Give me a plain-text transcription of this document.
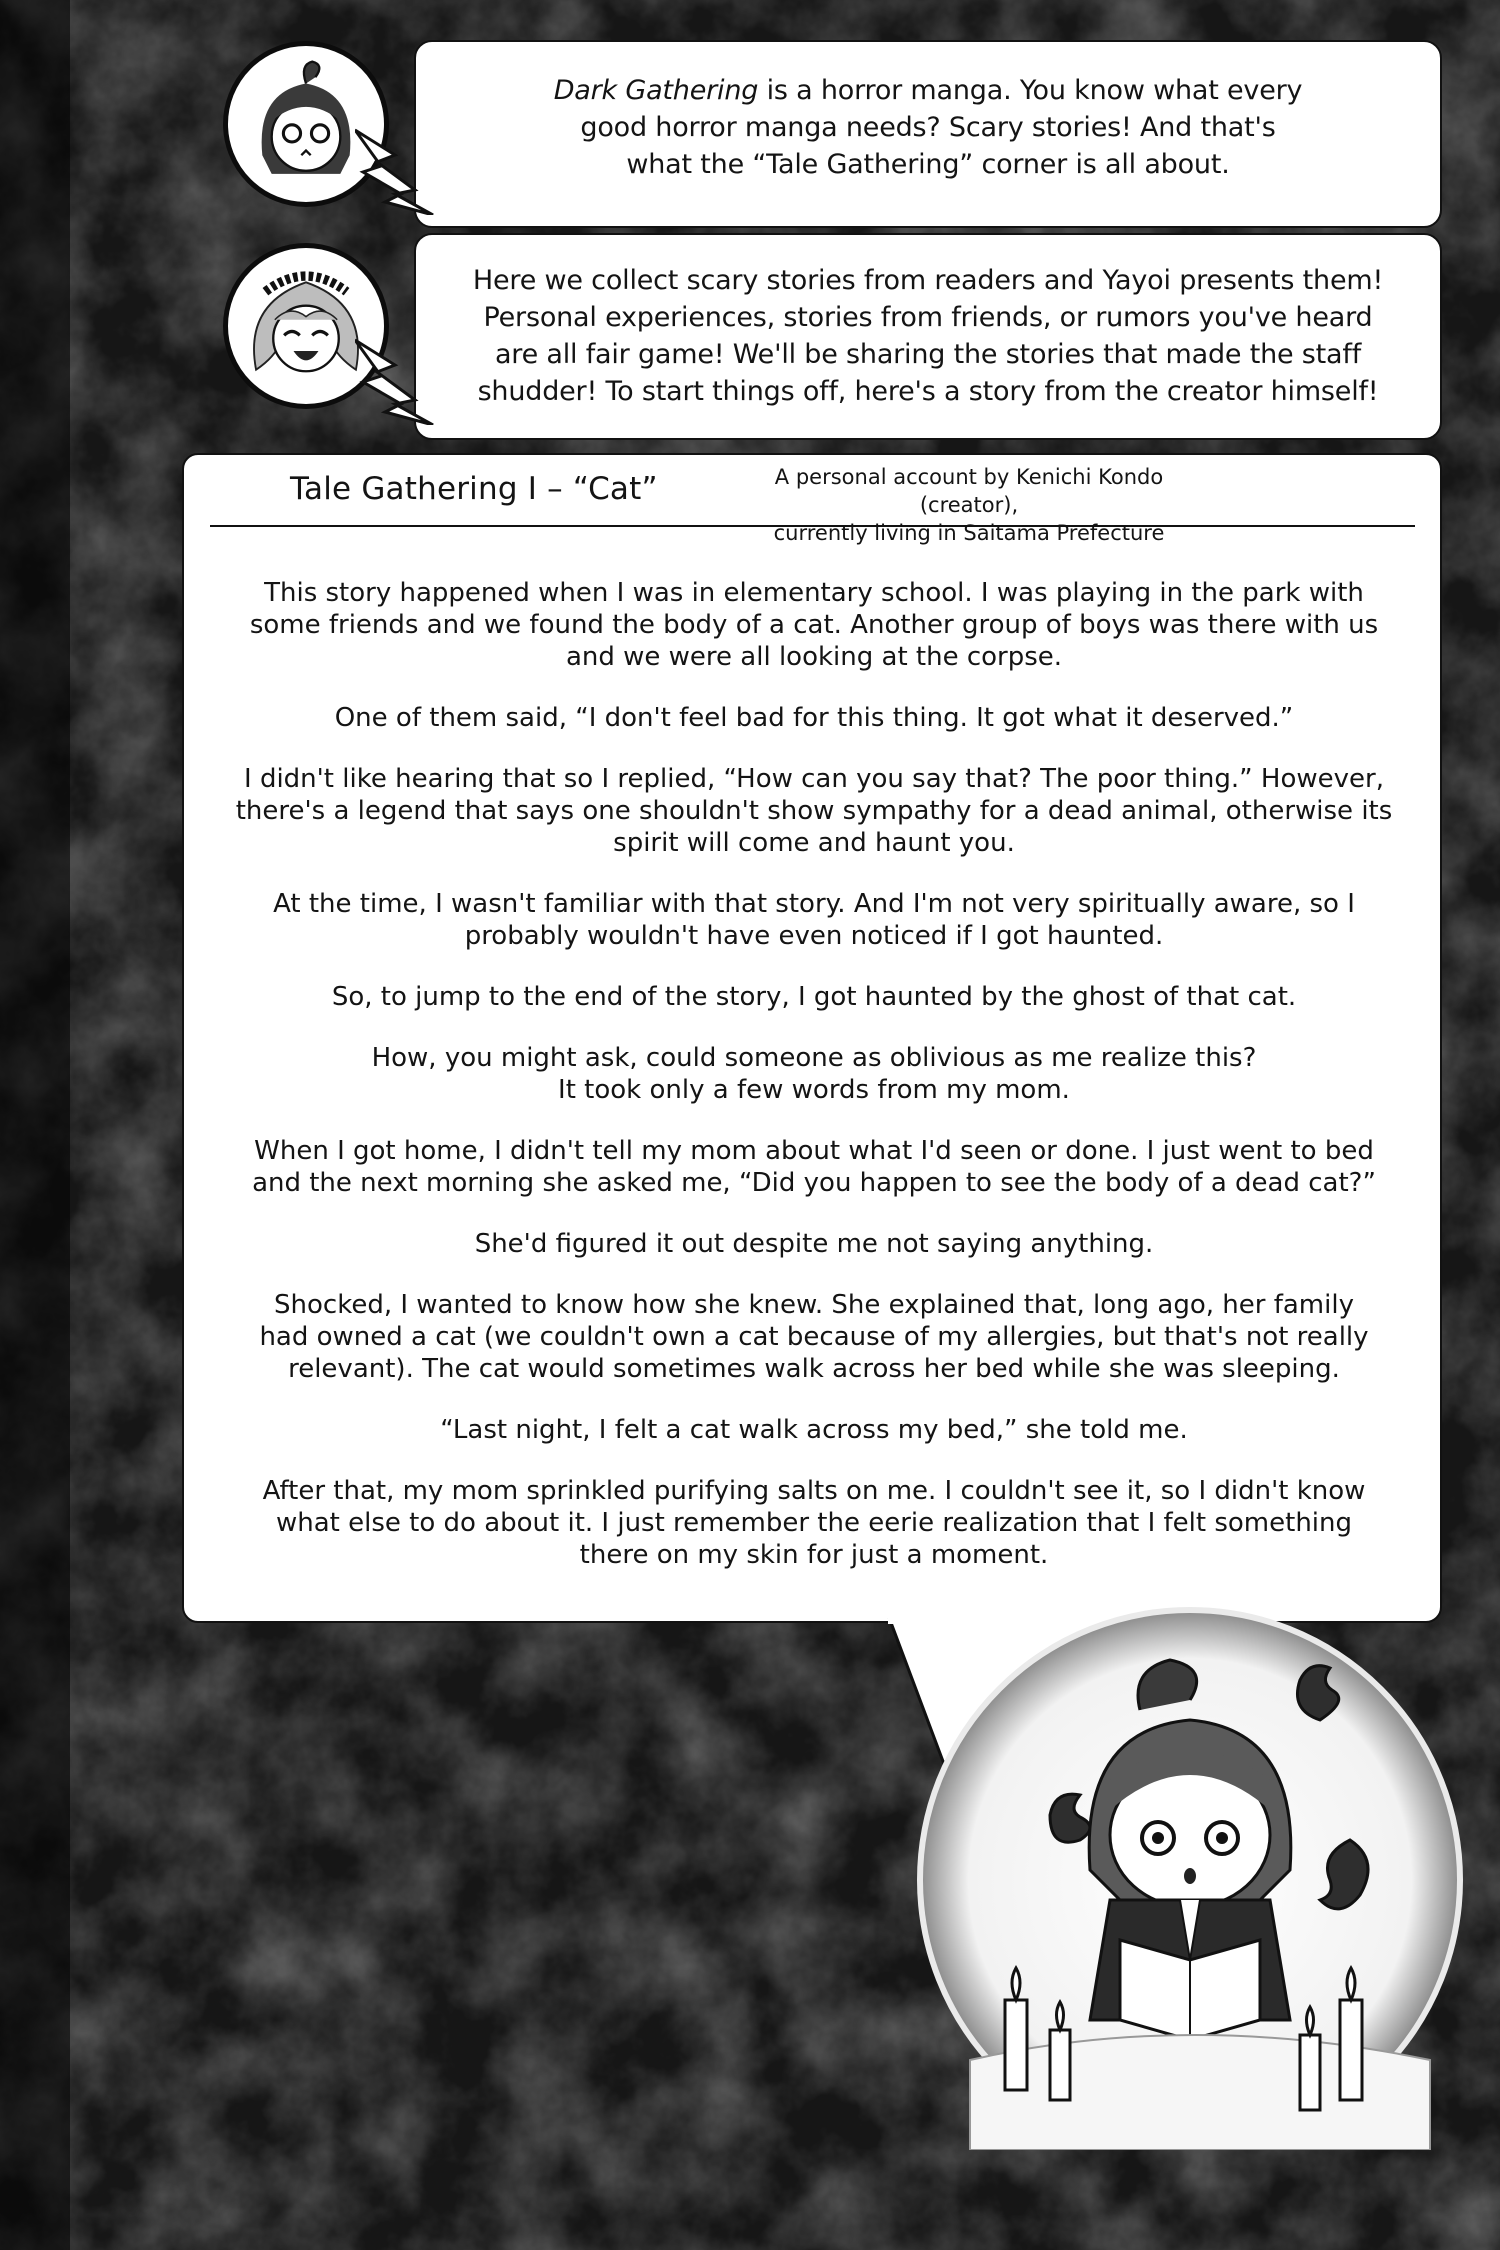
Dark Gathering is a horror manga. You know what every

good horror manga needs? Scary stories! And that's

what the “Tale Gathering” corner is all about.

Here we collect scary stories from readers and Yayoi presents them!

Personal experiences, stories from friends, or rumors you've heard

are all fair game! We'll be sharing the stories that made the staff

shudder! To start things off, here's a story from the creator himself!

Tale Gathering I – “Cat”	A personal account by Kenichi Kondo (creator),

currently living in Saitama Prefecture

This story happened when I was in elementary school. I was playing in the park with
some friends and we found the body of a cat. Another group of boys was there with us
and we were all looking at the corpse.

One of them said, “I don't feel bad for this thing. It got what it deserved.”

I didn't like hearing that so I replied, “How can you say that? The poor thing.” However,
there's a legend that says one shouldn't show sympathy for a dead animal, otherwise its
spirit will come and haunt you.

At the time, I wasn't familiar with that story. And I'm not very spiritually aware, so I
probably wouldn't have even noticed if I got haunted.

So, to jump to the end of the story, I got haunted by the ghost of that cat.

How, you might ask, could someone as oblivious as me realize this?
It took only a few words from my mom.

When I got home, I didn't tell my mom about what I'd seen or done. I just went to bed
and the next morning she asked me, “Did you happen to see the body of a dead cat?”

She'd figured it out despite me not saying anything.

Shocked, I wanted to know how she knew. She explained that, long ago, her family
had owned a cat (we couldn't own a cat because of my allergies, but that's not really
relevant). The cat would sometimes walk across her bed while she was sleeping.

“Last night, I felt a cat walk across my bed,” she told me.

After that, my mom sprinkled purifying salts on me. I couldn't see it, so I didn't know
what else to do about it. I just remember the eerie realization that I felt something
there on my skin for just a moment.
